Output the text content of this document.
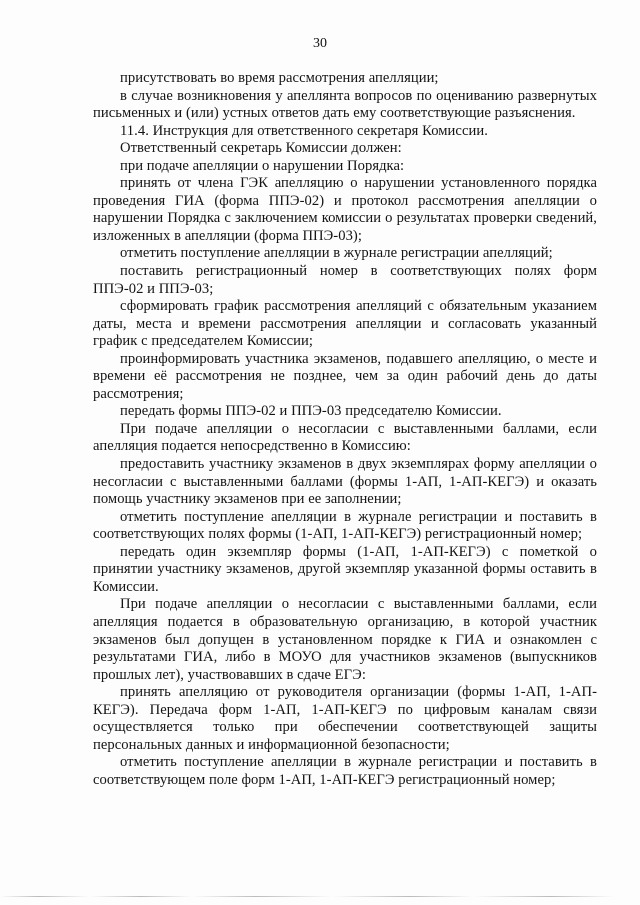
30

присутствовать во время рассмотрения апелляции;

в случае возникновения у апеллянта вопросов по оцениванию развернутых письменных и (или) устных ответов дать ему соответствующие разъяснения.

11.4. Инструкция для ответственного секретаря Комиссии.

Ответственный секретарь Комиссии должен:

при подаче апелляции о нарушении Порядка:

принять от члена ГЭК апелляцию о нарушении установленного порядка проведения ГИА (форма ППЭ-02) и протокол рассмотрения апелляции о нарушении Порядка с заключением комиссии о результатах проверки сведений, изложенных в апелляции (форма ППЭ-03);

отметить поступление апелляции в журнале регистрации апелляций;

поставить регистрационный номер в соответствующих полях форм ППЭ-02 и ППЭ-03;

сформировать график рассмотрения апелляций с обязательным указанием даты, места и времени рассмотрения апелляции и согласовать указанный график с председателем Комиссии;

проинформировать участника экзаменов, подавшего апелляцию, о месте и времени её рассмотрения не позднее, чем за один рабочий день до даты рассмотрения;

передать формы ППЭ-02 и ППЭ-03 председателю Комиссии.

При подаче апелляции о несогласии с выставленными баллами, если апелляция подается непосредственно в Комиссию:

предоставить участнику экзаменов в двух экземплярах форму апелляции о несогласии с выставленными баллами (формы 1-АП, 1-АП-КЕГЭ) и оказать помощь участнику экзаменов при ее заполнении;

отметить поступление апелляции в журнале регистрации и поставить в соответствующих полях формы (1-АП, 1-АП-КЕГЭ) регистрационный номер;

передать один экземпляр формы (1-АП, 1-АП-КЕГЭ) с пометкой о принятии участнику экзаменов, другой экземпляр указанной формы оставить в Комиссии.

При подаче апелляции о несогласии с выставленными баллами, если апелляция подается в образовательную организацию, в которой участник экзаменов был допущен в установленном порядке к ГИА и ознакомлен с результатами ГИА, либо в МОУО для участников экзаменов (выпускников прошлых лет), участвовавших в сдаче ЕГЭ:

принять апелляцию от руководителя организации (формы 1-АП, 1-АП-КЕГЭ). Передача форм 1-АП, 1-АП-КЕГЭ по цифровым каналам связи осуществляется только при обеспечении соответствующей защиты персональных данных и информационной безопасности;

отметить поступление апелляции в журнале регистрации и поставить в соответствующем поле форм 1-АП, 1-АП-КЕГЭ регистрационный номер;
